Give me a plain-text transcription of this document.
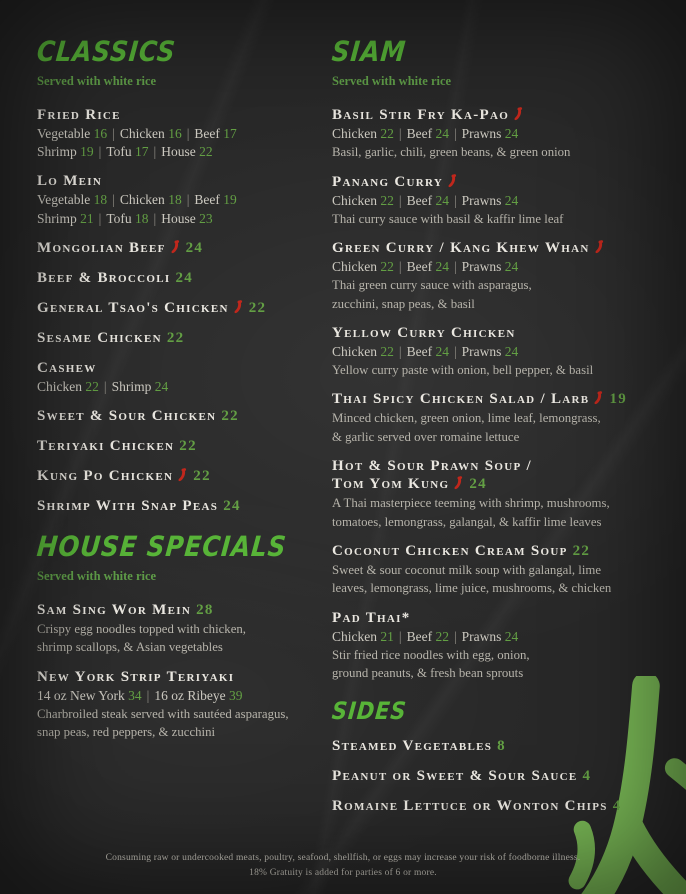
CLASSICS
Served with white rice
Fried Rice
Vegetable 16 | Chicken 16 | Beef 17
Shrimp 19 | Tofu 17 | House 22
Lo Mein
Vegetable 18 | Chicken 18 | Beef 19
Shrimp 21 | Tofu 18 | House 23
Mongolian Beef 24
Beef & Broccoli 24
General Tsao's Chicken 22
Sesame Chicken 22
Cashew
Chicken 22 | Shrimp 24
Sweet & Sour Chicken 22
Teriyaki Chicken 22
Kung Po Chicken 22
Shrimp With Snap Peas 24
HOUSE SPECIALS
Served with white rice
Sam Sing Wor Mein 28
Crispy egg noodles topped with chicken,
shrimp scallops, & Asian vegetables
New York Strip Teriyaki
14 oz New York 34 | 16 oz Ribeye 39
Charbroiled steak served with sautéed asparagus,
snap peas, red peppers, & zucchini
SIAM
Served with white rice
Basil Stir Fry Ka-Pao
Chicken 22 | Beef 24 | Prawns 24
Basil, garlic, chili, green beans, & green onion
Panang Curry
Chicken 22 | Beef 24 | Prawns 24
Thai curry sauce with basil & kaffir lime leaf
Green Curry / Kang Khew Whan
Chicken 22 | Beef 24 | Prawns 24
Thai green curry sauce with asparagus,
zucchini, snap peas, & basil
Yellow Curry Chicken
Chicken 22 | Beef 24 | Prawns 24
Yellow curry paste with onion, bell pepper, & basil
Thai Spicy Chicken Salad / Larb 19
Minced chicken, green onion, lime leaf, lemongrass,
& garlic served over romaine lettuce
Hot & Sour Prawn Soup /
Tom Yom Kung 24
A Thai masterpiece teeming with shrimp, mushrooms,
tomatoes, lemongrass, galangal, & kaffir lime leaves
Coconut Chicken Cream Soup 22
Sweet & sour coconut milk soup with galangal, lime
leaves, lemongrass, lime juice, mushrooms, & chicken
Pad Thai*
Chicken 21 | Beef 22 | Prawns 24
Stir fried rice noodles with egg, onion,
ground peanuts, & fresh bean sprouts
SIDES
Steamed Vegetables 8
Peanut or Sweet & Sour Sauce 4
Romaine Lettuce or Wonton Chips 4
Consuming raw or undercooked meats, poultry, seafood, shellfish, or eggs may increase your risk of foodborne illness.
18% Gratuity is added for parties of 6 or more.
